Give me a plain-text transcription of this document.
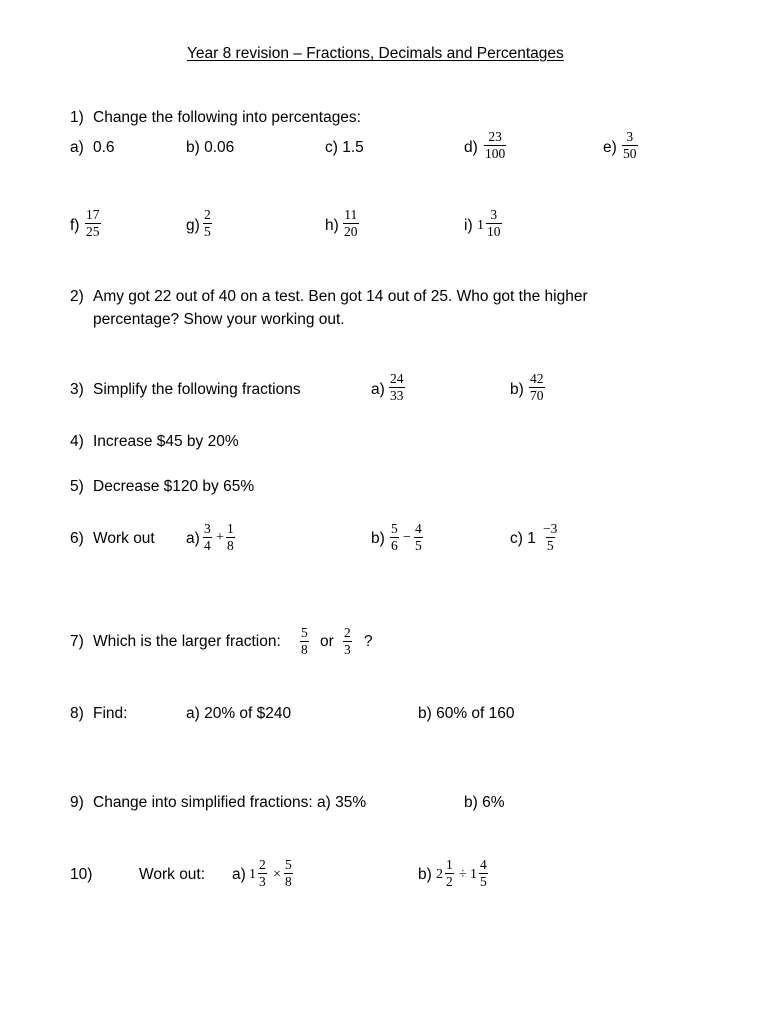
Year 8 revision – Fractions, Decimals and Percentages
1) Change the following into percentages:
a) 0.6	b) 0.06	c) 1.5	$d) \frac{23}{100}$	$e) \frac{3}{50}$
$f) \frac{17}{25}$	$g) \frac{2}{5}$	$h) \frac{11}{20}$	i) $1 \frac{3}{10}$
2) Amy got 22 out of 40 on a test. Ben got 14 out of 25. Who got the higher
percentage? Show your working out.
3) Simplify the following fractions	$a) \frac{24}{33}$	$b) \frac{42}{70}$
4) Increase $45 by 20%
5) Decrease $120 by 65%
6) Work out $a) \frac{3}{4} + \frac{1}{8}$	$b) \frac{5}{6} - \frac{4}{5}$	c) $1 \frac{-3}{5}$
7) Which is the larger fraction: $\frac{5}{8}$ or $\frac{2}{3}$ ?
8) Find:	a) 20% of $240	b) 60% of 160
9) Change into simplified fractions: a) 35%	b) 6%
10)	Work out: a) $1 \frac{2}{3} \times \frac{5}{8}$	b) $2 \frac{1}{2} \div 1 \frac{4}{5}$
